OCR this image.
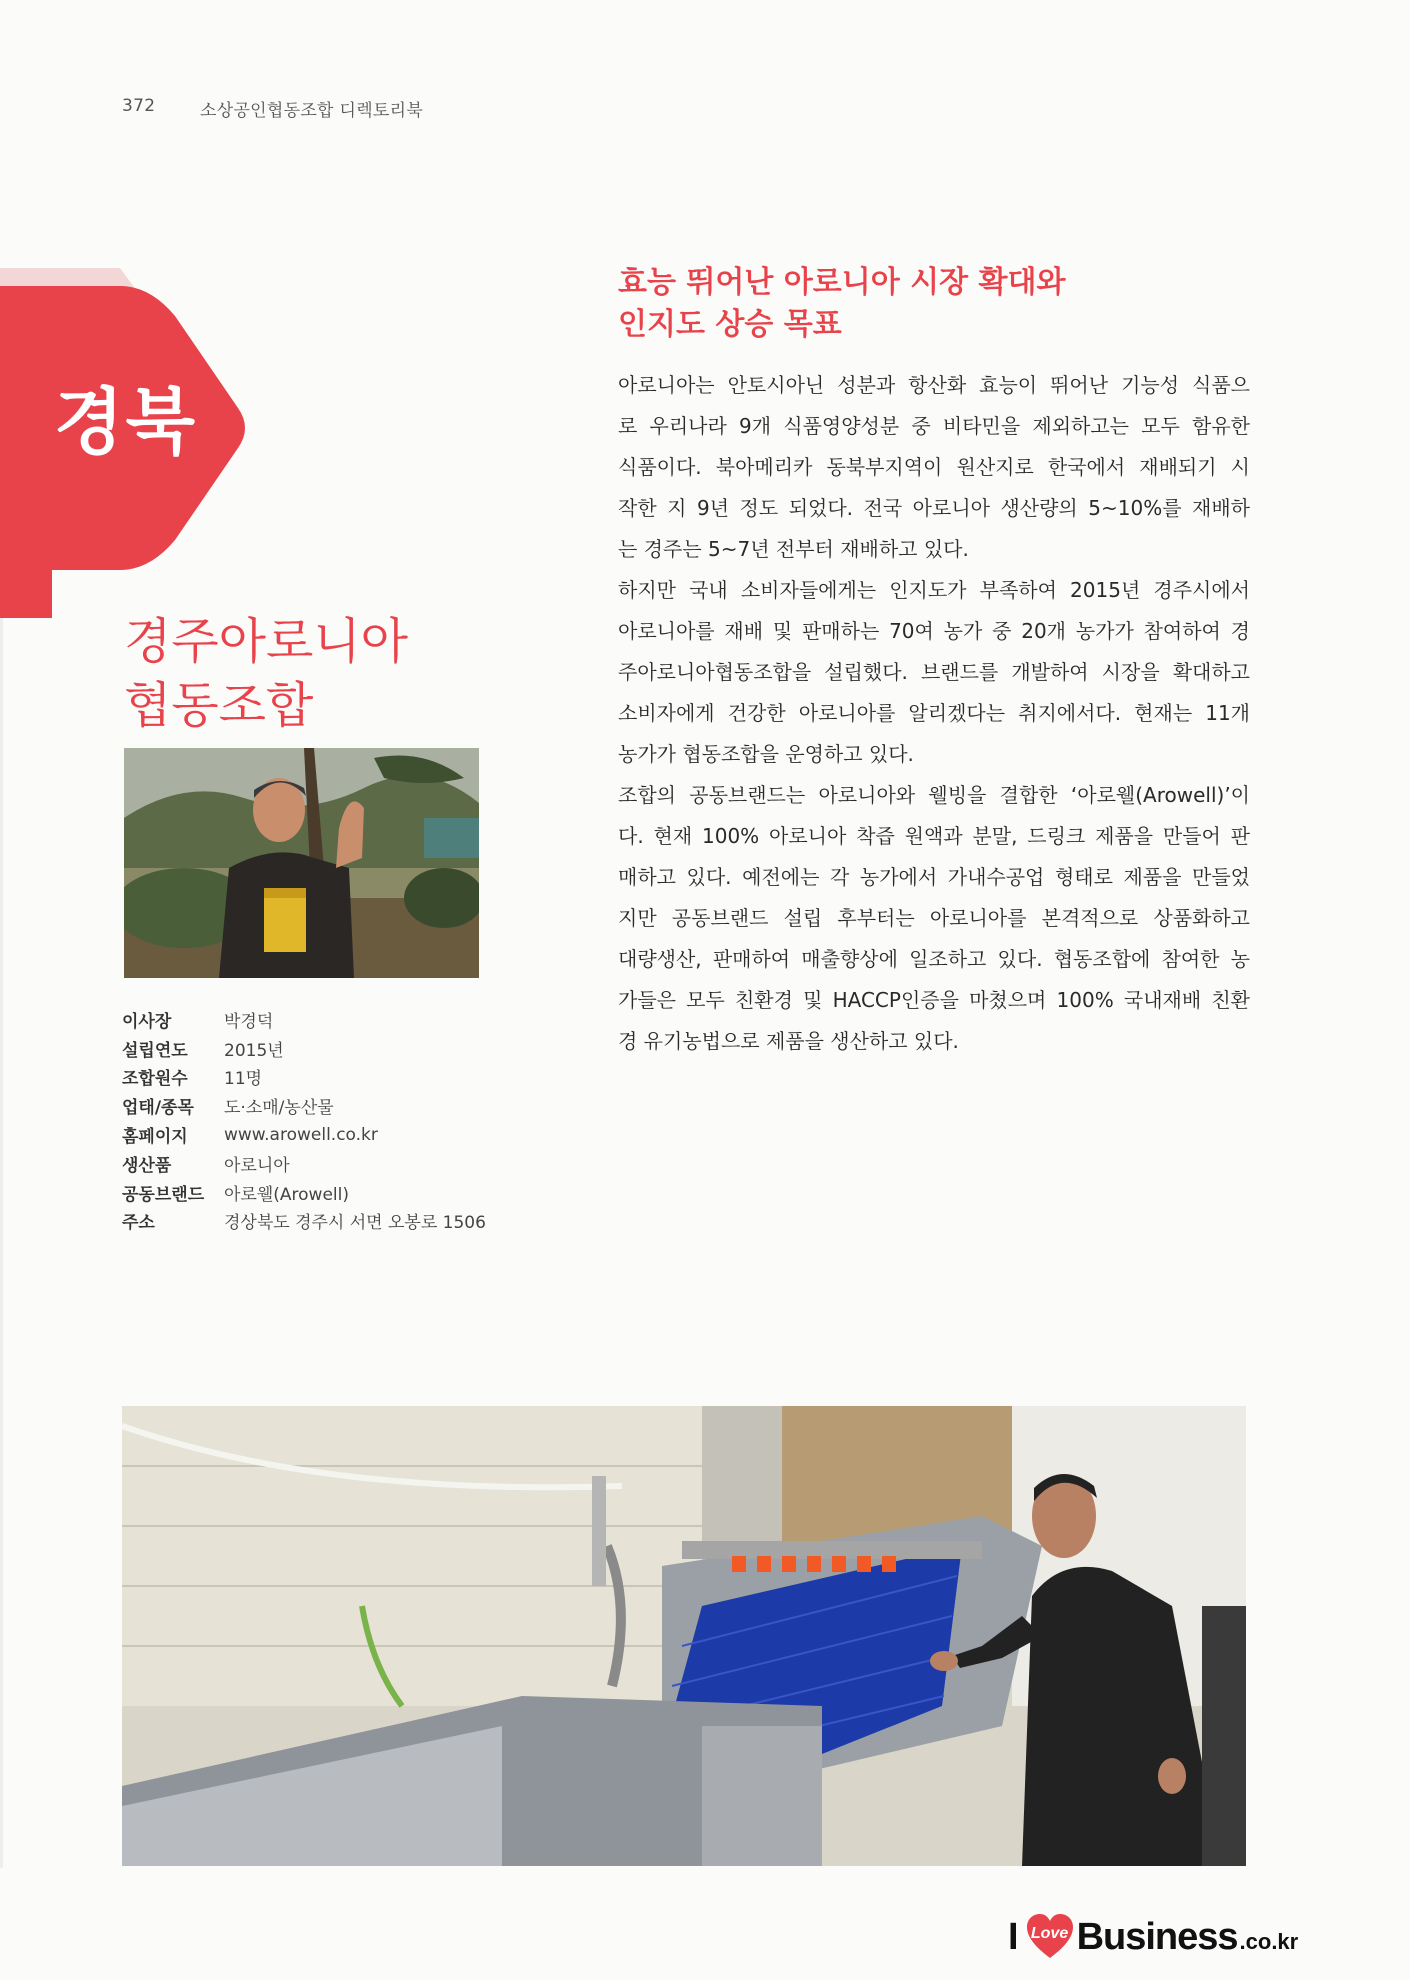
372	소상공인협동조합 디렉토리북
경북
경주아로니아
협동조합
이사장	박경덕
설립연도	2015년
조합원수	11명
업태/종목	도·소매/농산물
홈페이지	www.arowell.co.kr
생산품	아로니아
공동브랜드	아로웰(Arowell)
주소	경상북도 경주시 서면 오봉로 1506
효능 뛰어난 아로니아 시장 확대와
인지도 상승 목표
아로니아는 안토시아닌 성분과 항산화 효능이 뛰어난 기능성 식품으
로 우리나라 9개 식품영양성분 중 비타민을 제외하고는 모두 함유한
식품이다. 북아메리카 동북부지역이 원산지로 한국에서 재배되기 시
작한 지 9년 정도 되었다. 전국 아로니아 생산량의 5~10%를 재배하
는 경주는 5~7년 전부터 재배하고 있다.
하지만 국내 소비자들에게는 인지도가 부족하여 2015년 경주시에서
아로니아를 재배 및 판매하는 70여 농가 중 20개 농가가 참여하여 경
주아로니아협동조합을 설립했다. 브랜드를 개발하여 시장을 확대하고
소비자에게 건강한 아로니아를 알리겠다는 취지에서다. 현재는 11개
농가가 협동조합을 운영하고 있다.
조합의 공동브랜드는 아로니아와 웰빙을 결합한 ‘아로웰(Arowell)’이
다. 현재 100% 아로니아 착즙 원액과 분말, 드링크 제품을 만들어 판
매하고 있다. 예전에는 각 농가에서 가내수공업 형태로 제품을 만들었
지만 공동브랜드 설립 후부터는 아로니아를 본격적으로 상품화하고
대량생산, 판매하여 매출향상에 일조하고 있다. 협동조합에 참여한 농
가들은 모두 친환경 및 HACCP인증을 마쳤으며 100% 국내재배 친환
경 유기농법으로 제품을 생산하고 있다.
I Love Business .co.kr
